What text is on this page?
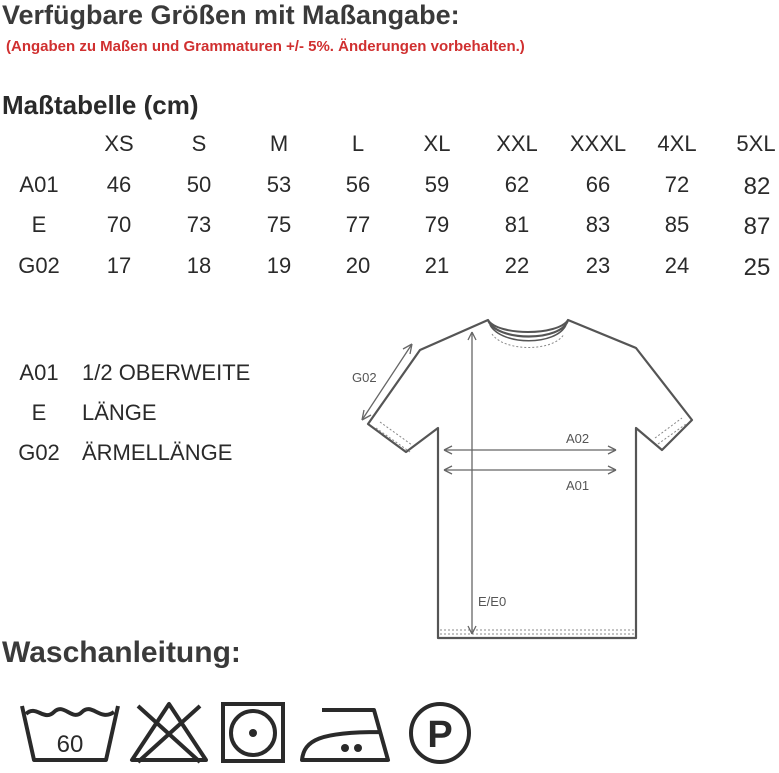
Verfügbare Größen mit Maßangabe:
(Angaben zu Maßen und Grammaturen +/- 5%. Änderungen vorbehalten.)
Maßtabelle (cm)
XS	S	M	L	XL XXL XXXL 4XL 5XL
A01 46	50	53 56 59	62	66 72 82
E	70	73	75 77 79	81	83 85 87
G02 17	18	19 20 21	22	23 24 25
A01 1/2 OBERWEITE
E LÄNGE
G02 ÄRMELLÄNGE
G02
A02
A01
E/E0
Waschanleitung:
60	P
